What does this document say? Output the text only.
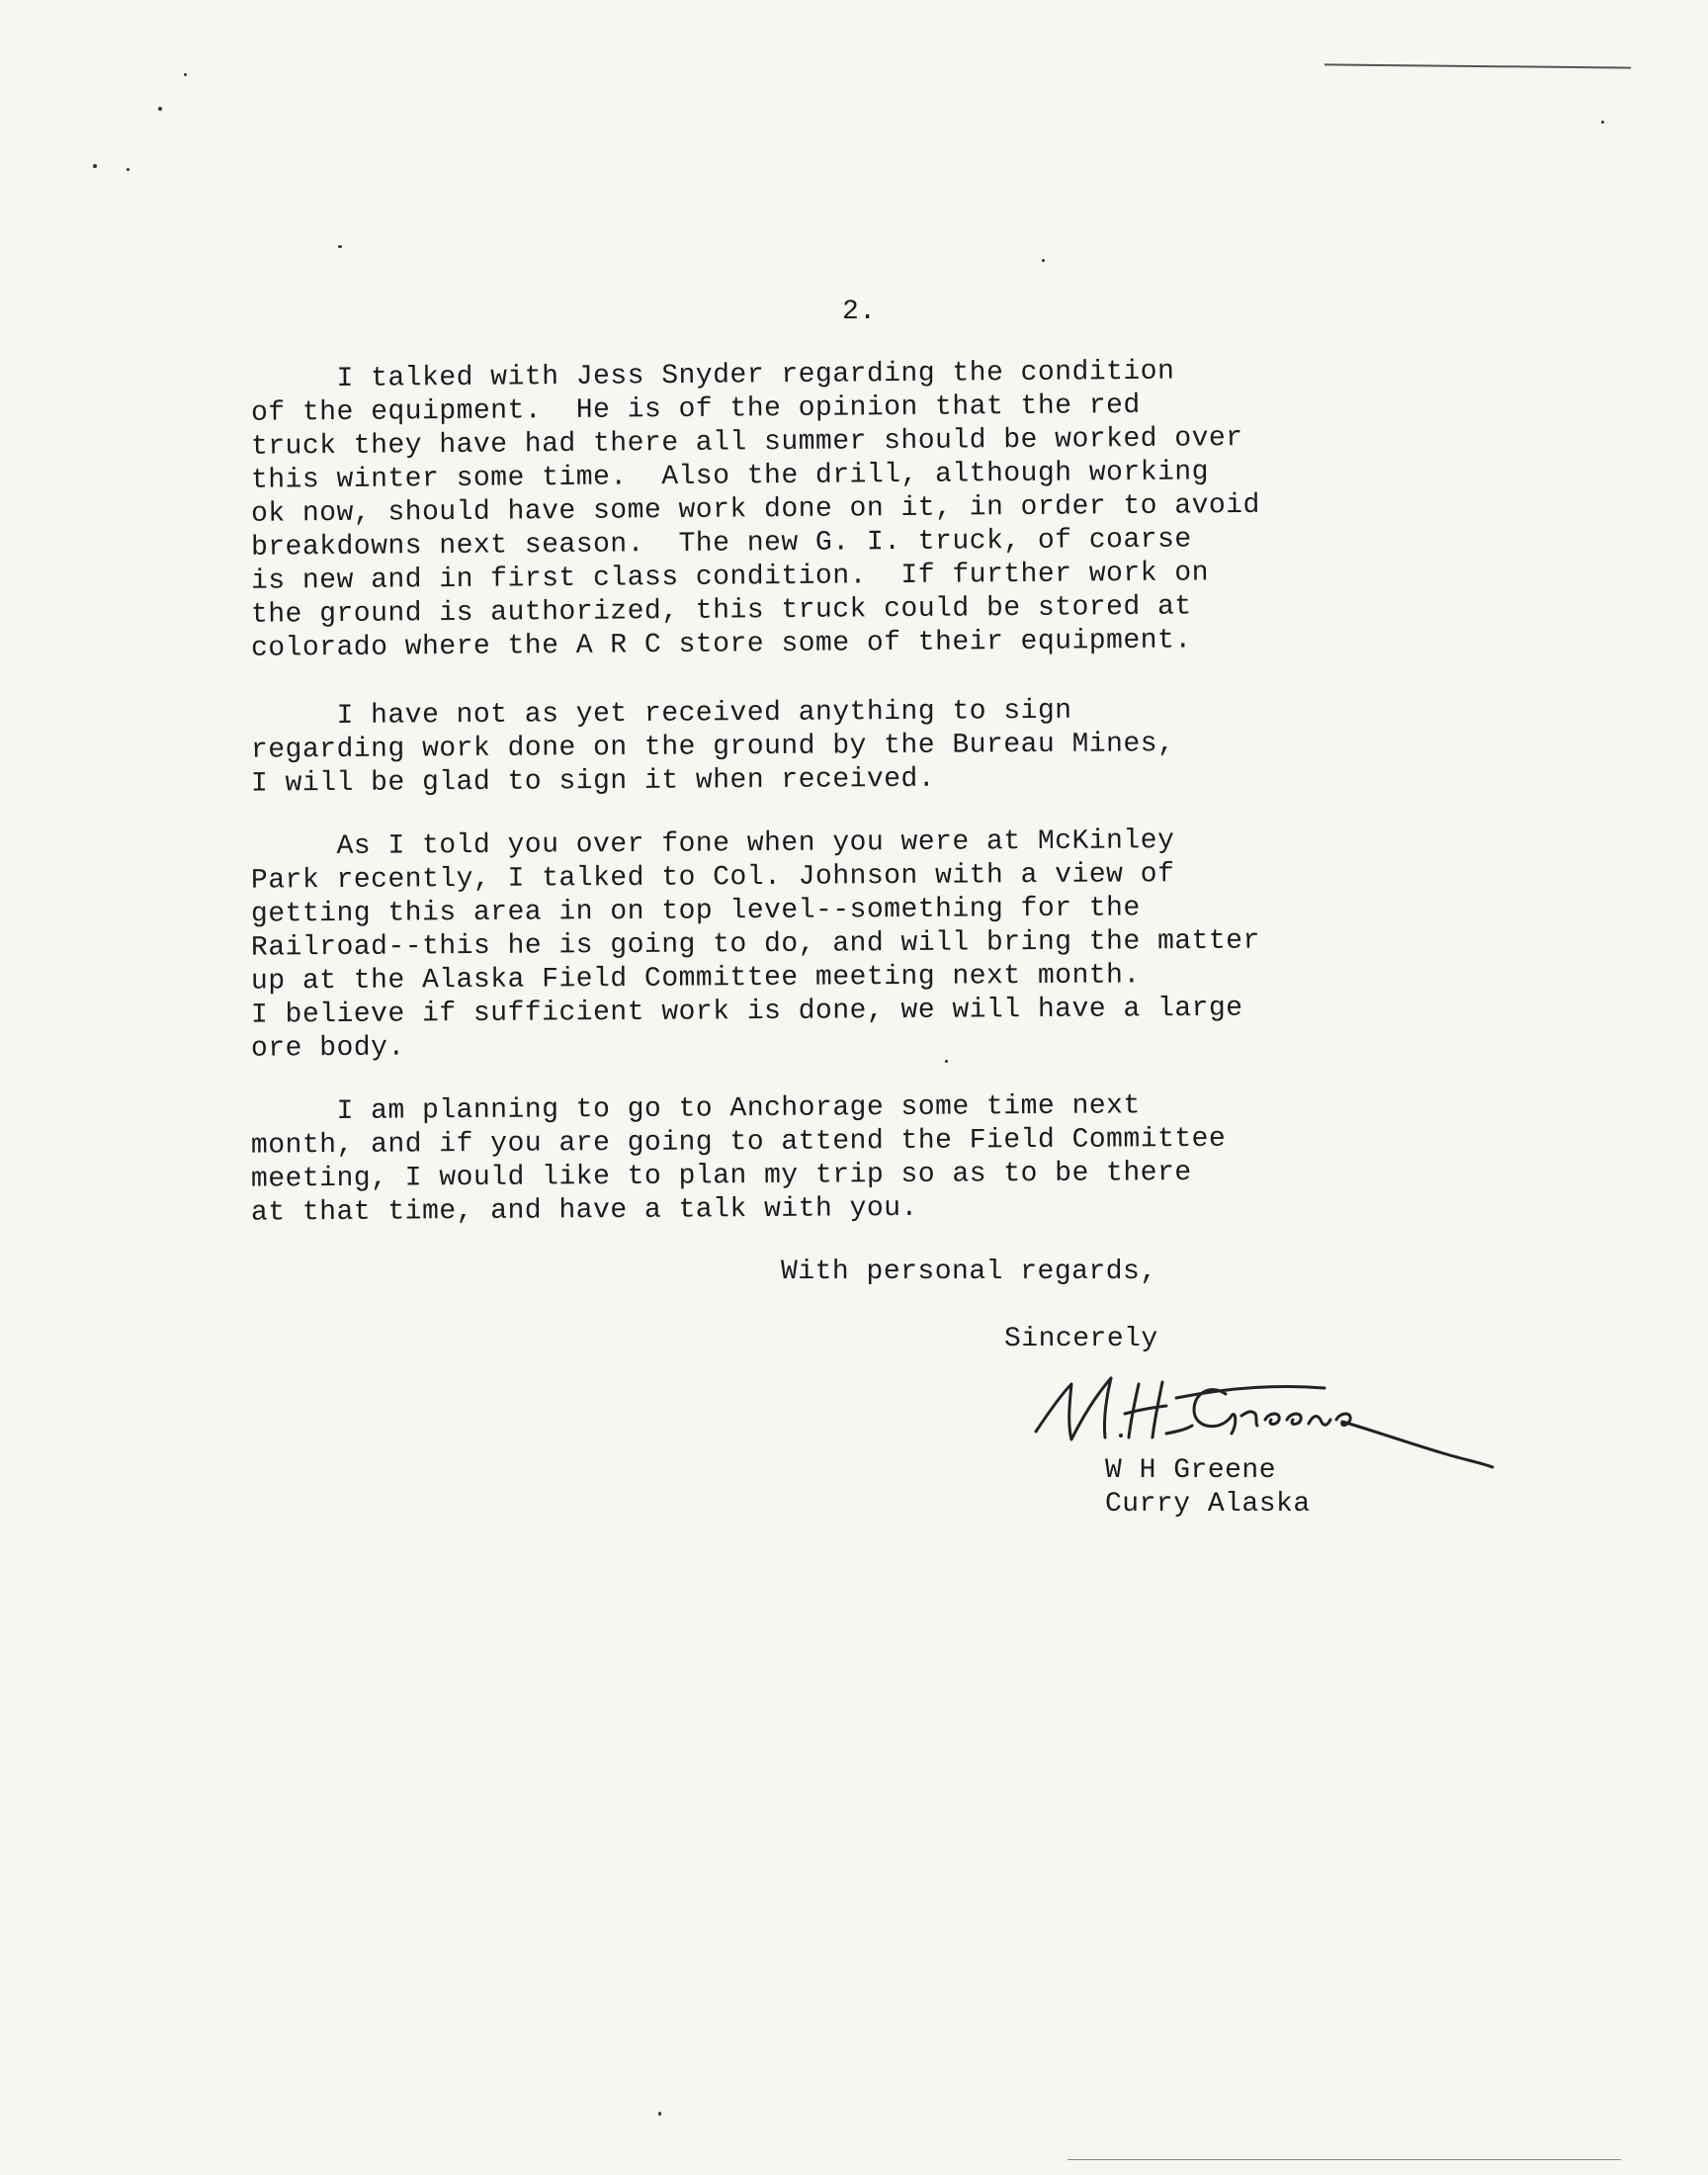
2.
I talked with Jess Snyder regarding the condition
of the equipment.  He is of the opinion that the red
truck they have had there all summer should be worked over
this winter some time.  Also the drill, although working
ok now, should have some work done on it, in order to avoid
breakdowns next season.  The new G. I. truck, of coarse
is new and in first class condition.  If further work on
the ground is authorized, this truck could be stored at
colorado where the A R C store some of their equipment.
I have not as yet received anything to sign
regarding work done on the ground by the Bureau Mines,
I will be glad to sign it when received.
As I told you over fone when you were at McKinley
Park recently, I talked to Col. Johnson with a view of
getting this area in on top level--something for the
Railroad--this he is going to do, and will bring the matter
up at the Alaska Field Committee meeting next month.
I believe if sufficient work is done, we will have a large
ore body.
I am planning to go to Anchorage some time next
month, and if you are going to attend the Field Committee
meeting, I would like to plan my trip so as to be there
at that time, and have a talk with you.
With personal regards,
Sincerely
W H Greene
Curry Alaska
